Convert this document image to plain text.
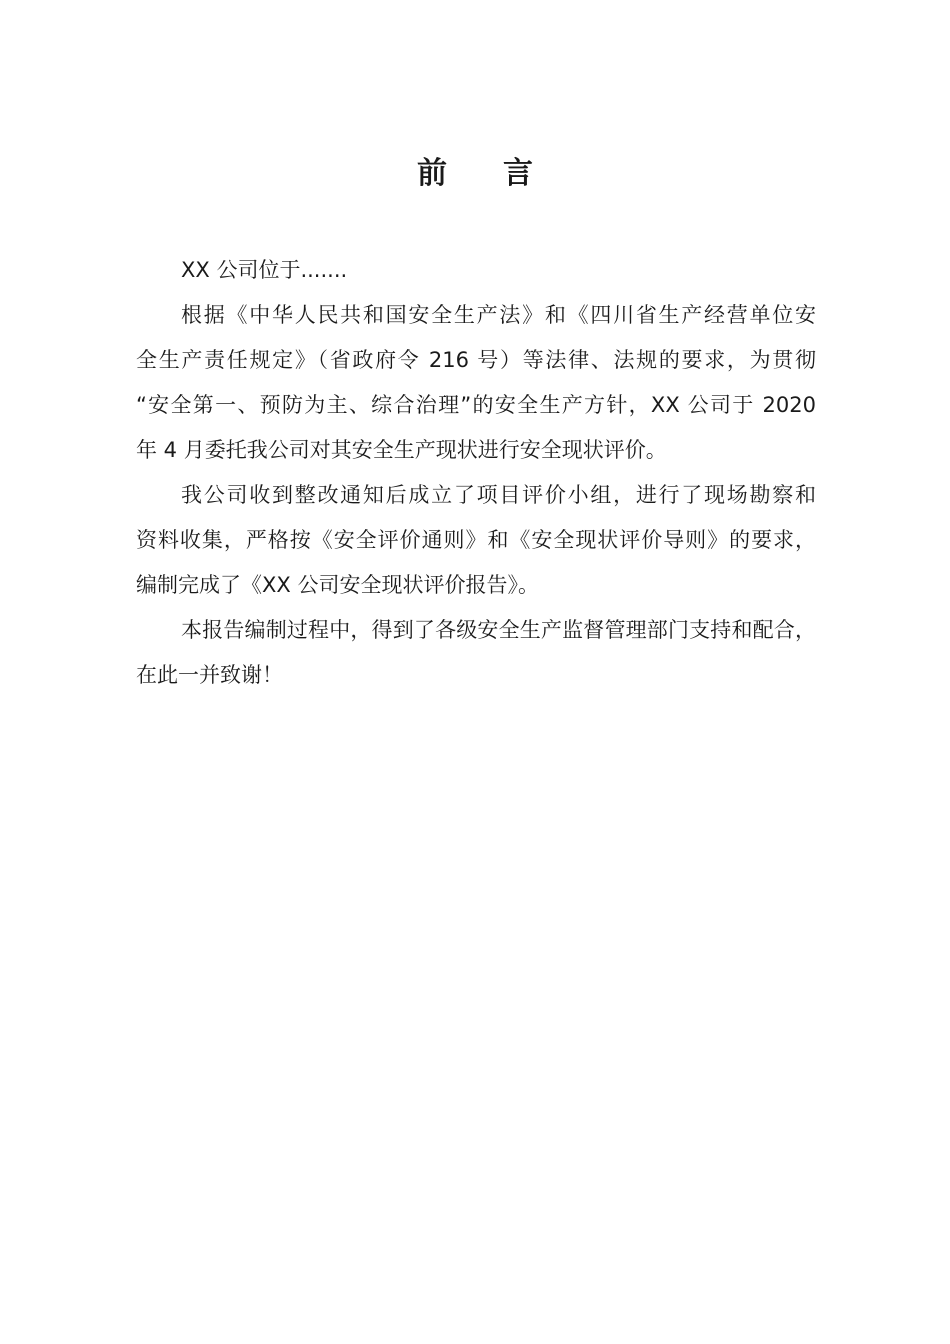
前言
XX 公司位于.......
根据《中华人民共和国安全生产法》和《四川省生产经营单位安
全生产责任规定》（省政府令 216 号）等法律、法规的要求，为贯彻
“安全第一、预防为主、综合治理”的安全生产方针，XX 公司于 2020
年 4 月委托我公司对其安全生产现状进行安全现状评价。
我公司收到整改通知后成立了项目评价小组，进行了现场勘察和
资料收集，严格按《安全评价通则》和《安全现状评价导则》的要求，
编制完成了《XX 公司安全现状评价报告》。
本报告编制过程中，得到了各级安全生产监督管理部门支持和配合，
在此一并致谢！
